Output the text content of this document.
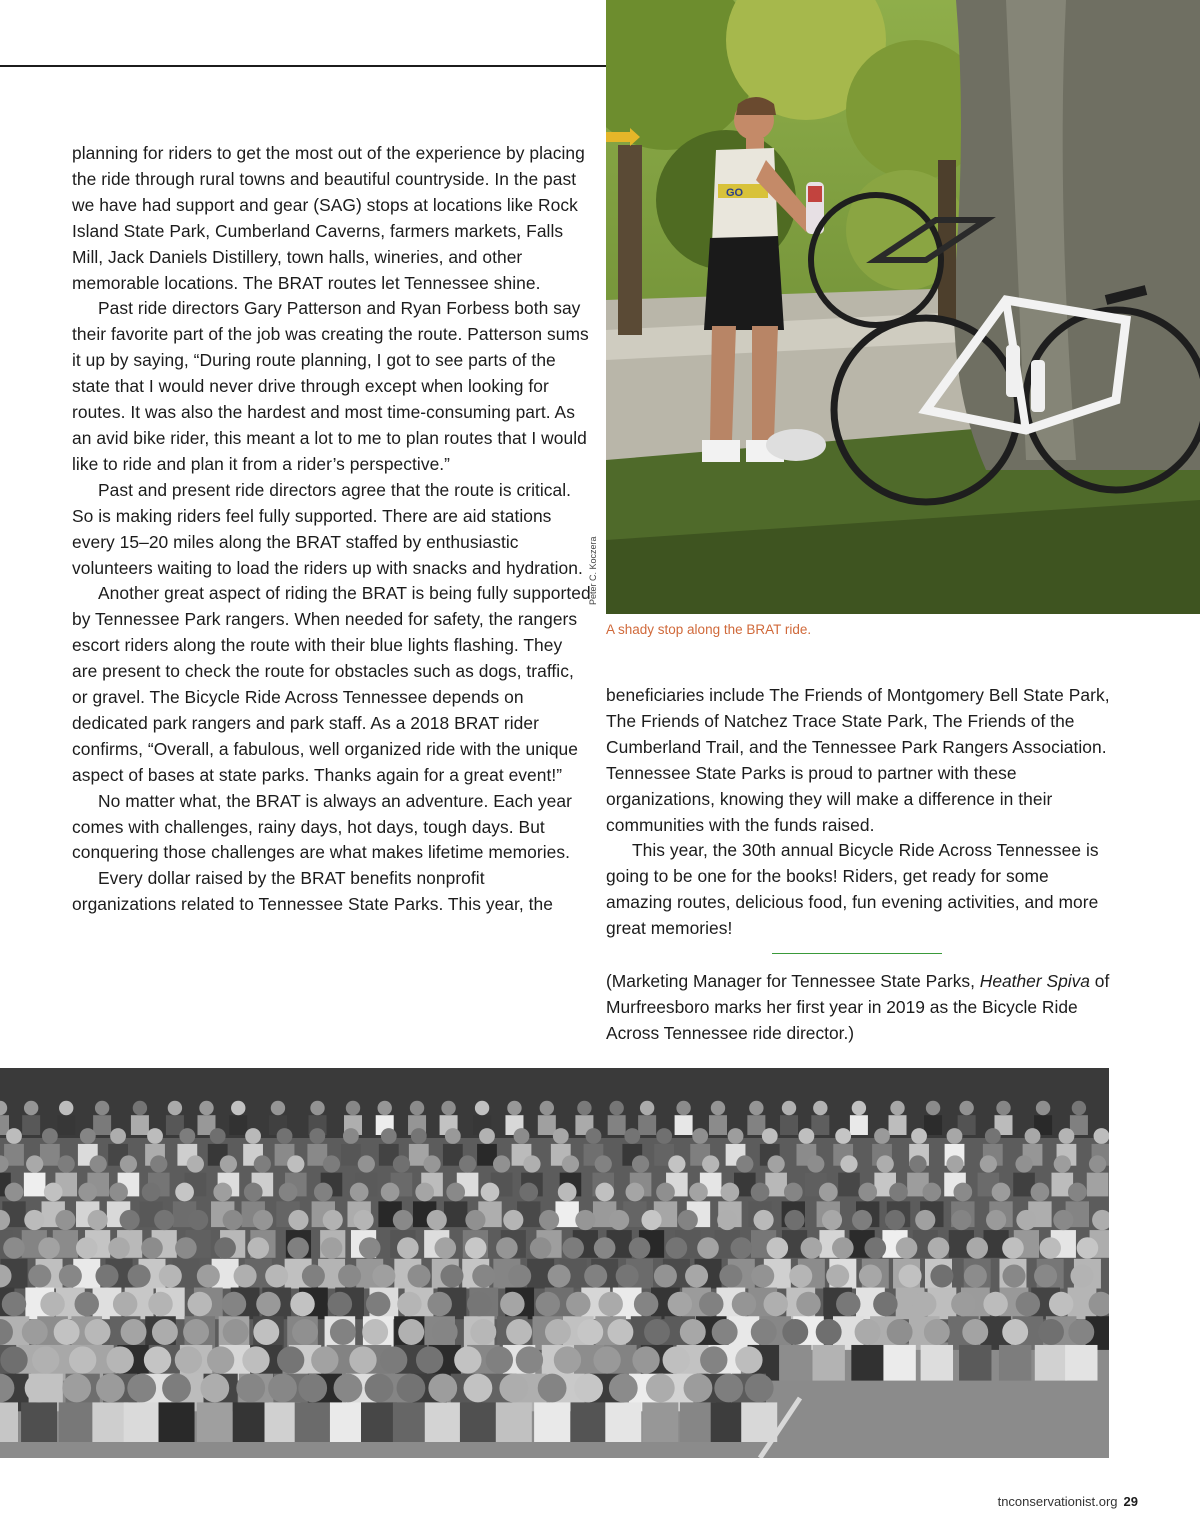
planning for riders to get the most out of the experience by placing the ride through rural towns and beautiful countryside. In the past we have had support and gear (SAG) stops at locations like Rock Island State Park, Cumberland Caverns, farmers markets, Falls Mill, Jack Daniels Distillery, town halls, wineries, and other memorable locations. The BRAT routes let Tennessee shine.

Past ride directors Gary Patterson and Ryan Forbess both say their favorite part of the job was creating the route. Patterson sums it up by saying, “During route planning, I got to see parts of the state that I would never drive through except when looking for routes. It was also the hardest and most time-consuming part. As an avid bike rider, this meant a lot to me to plan routes that I would like to ride and plan it from a rider’s perspective.”

Past and present ride directors agree that the route is critical. So is making riders feel fully supported. There are aid stations every 15–20 miles along the BRAT staffed by enthusiastic volunteers waiting to load the riders up with snacks and hydration.

Another great aspect of riding the BRAT is being fully supported by Tennessee Park rangers. When needed for safety, the rangers escort riders along the route with their blue lights flashing. They are present to check the route for obstacles such as dogs, traffic, or gravel. The Bicycle Ride Across Tennessee depends on dedicated park rangers and park staff. As a 2018 BRAT rider confirms, “Overall, a fabulous, well organized ride with the unique aspect of bases at state parks. Thanks again for a great event!”

No matter what, the BRAT is always an adventure. Each year comes with challenges, rainy days, hot days, tough days. But conquering those challenges are what makes lifetime memories.

Every dollar raised by the BRAT benefits nonprofit organizations related to Tennessee State Parks. This year, the

GO
Peter C. Koczera
A shady stop along the BRAT ride.

beneficiaries include The Friends of Montgomery Bell State Park, The Friends of Natchez Trace State Park, The Friends of the Cumberland Trail, and the Tennessee Park Rangers Association. Tennessee State Parks is proud to partner with these organizations, knowing they will make a difference in their communities with the funds raised.

This year, the 30th annual Bicycle Ride Across Tennessee is going to be one for the books! Riders, get ready for some amazing routes, delicious food, fun evening activities, and more great memories!

(Marketing Manager for Tennessee State Parks, Heather Spiva of Murfreesboro marks her first year in 2019 as the Bicycle Ride Across Tennessee ride director.)
tnconservationist.org 29
